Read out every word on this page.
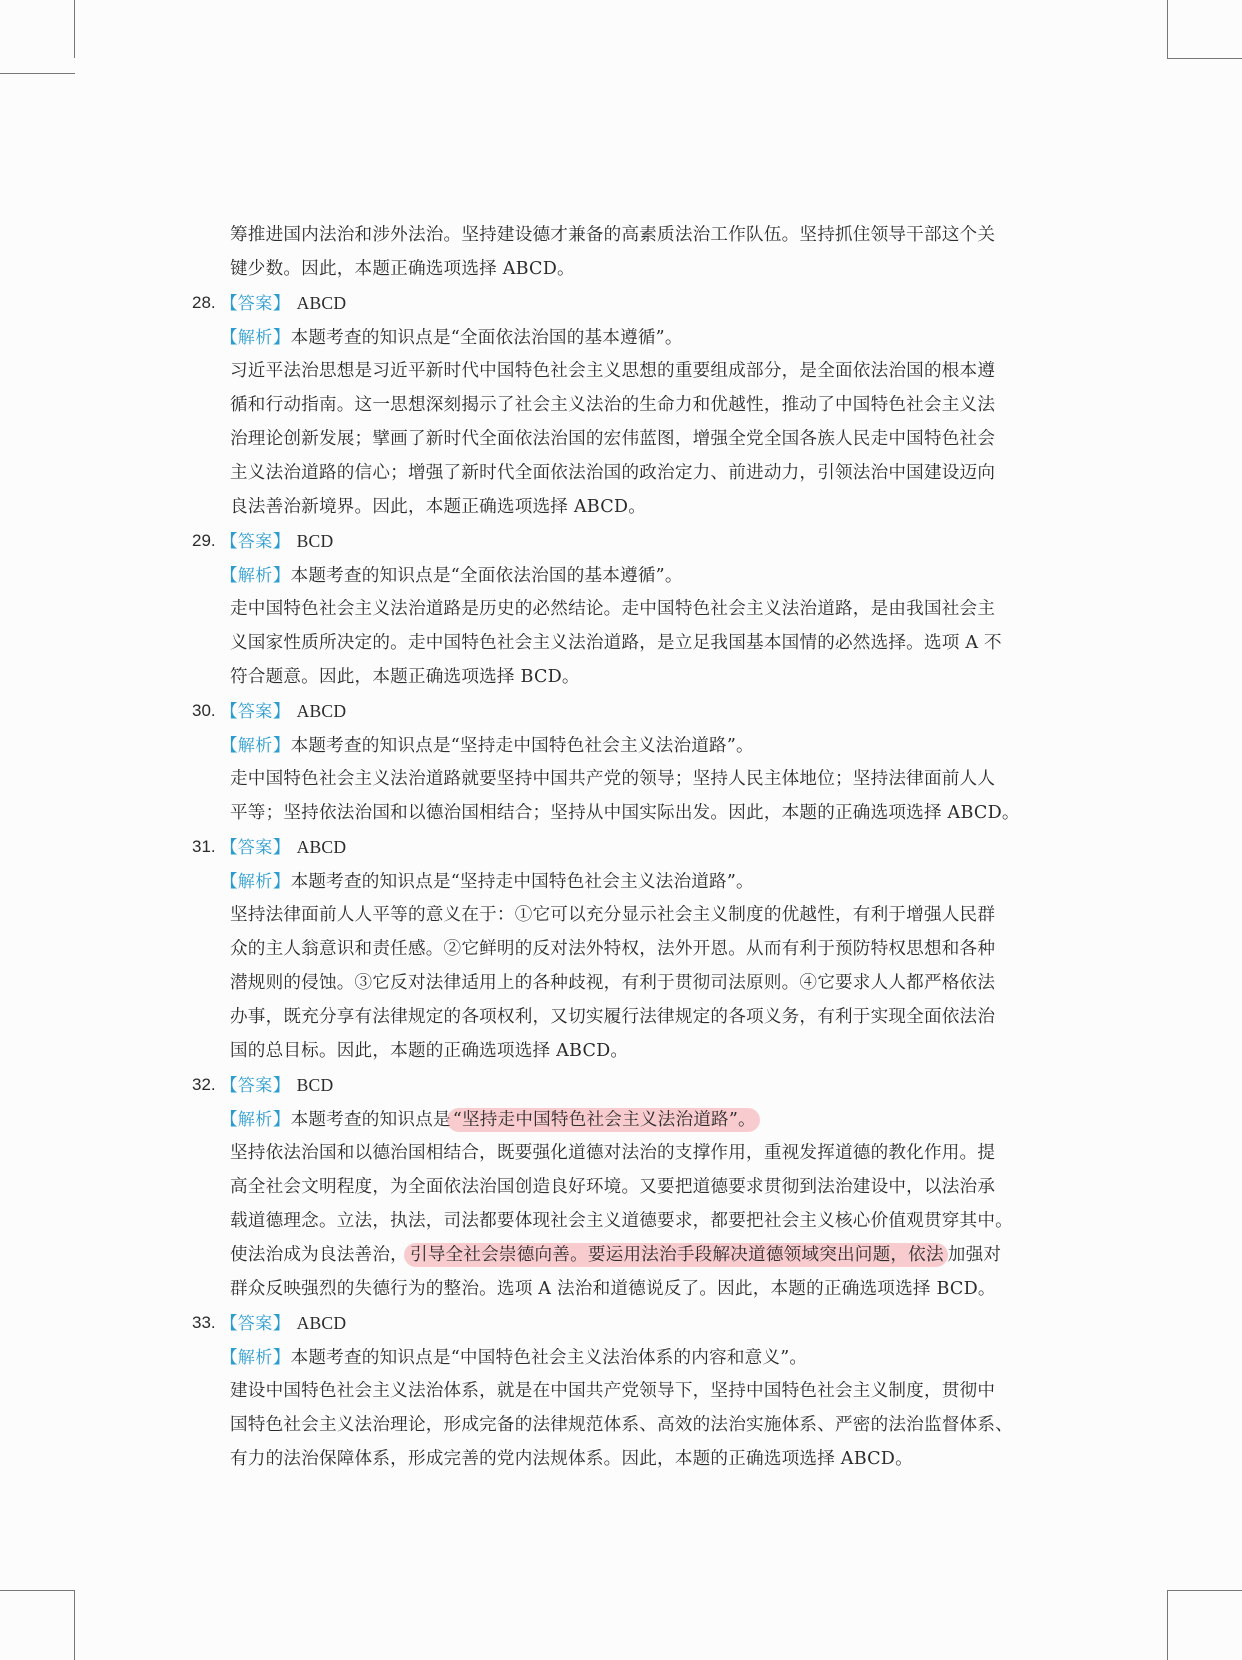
筹推进国内法治和涉外法治。坚持建设德才兼备的高素质法治工作队伍。坚持抓住领导干部这个关
键少数。因此，本题正确选项选择 ABCD。
28. 【答案】 ABCD
【解析】本题考查的知识点是“全面依法治国的基本遵循”。
习近平法治思想是习近平新时代中国特色社会主义思想的重要组成部分，是全面依法治国的根本遵
循和行动指南。这一思想深刻揭示了社会主义法治的生命力和优越性，推动了中国特色社会主义法
治理论创新发展；擘画了新时代全面依法治国的宏伟蓝图，增强全党全国各族人民走中国特色社会
主义法治道路的信心；增强了新时代全面依法治国的政治定力、前进动力，引领法治中国建设迈向
良法善治新境界。因此，本题正确选项选择 ABCD。
29. 【答案】 BCD
【解析】本题考查的知识点是“全面依法治国的基本遵循”。
走中国特色社会主义法治道路是历史的必然结论。走中国特色社会主义法治道路，是由我国社会主
义国家性质所决定的。走中国特色社会主义法治道路，是立足我国基本国情的必然选择。选项 A 不
符合题意。因此，本题正确选项选择 BCD。
30. 【答案】 ABCD
【解析】本题考查的知识点是“坚持走中国特色社会主义法治道路”。
走中国特色社会主义法治道路就要坚持中国共产党的领导；坚持人民主体地位；坚持法律面前人人
平等；坚持依法治国和以德治国相结合；坚持从中国实际出发。因此，本题的正确选项选择 ABCD。
31. 【答案】 ABCD
【解析】本题考查的知识点是“坚持走中国特色社会主义法治道路”。
坚持法律面前人人平等的意义在于：①它可以充分显示社会主义制度的优越性，有利于增强人民群
众的主人翁意识和责任感。②它鲜明的反对法外特权，法外开恩。从而有利于预防特权思想和各种
潜规则的侵蚀。③它反对法律适用上的各种歧视，有利于贯彻司法原则。④它要求人人都严格依法
办事，既充分享有法律规定的各项权利，又切实履行法律规定的各项义务，有利于实现全面依法治
国的总目标。因此，本题的正确选项选择 ABCD。
32. 【答案】 BCD
【解析】本题考查的知识点是 “坚持走中国特色社会主义法治道路”。
坚持依法治国和以德治国相结合，既要强化道德对法治的支撑作用，重视发挥道德的教化作用。提
高全社会文明程度，为全面依法治国创造良好环境。又要把道德要求贯彻到法治建设中，以法治承
载道德理念。立法，执法，司法都要体现社会主义道德要求，都要把社会主义核心价值观贯穿其中。
使法治成为良法善治， 引导全社会崇德向善。要运用法治手段解决道德领域突出问题，依法 加强对
群众反映强烈的失德行为的整治。选项 A 法治和道德说反了。因此，本题的正确选项选择 BCD。
33. 【答案】 ABCD
【解析】本题考查的知识点是“中国特色社会主义法治体系的内容和意义”。
建设中国特色社会主义法治体系，就是在中国共产党领导下，坚持中国特色社会主义制度，贯彻中
国特色社会主义法治理论，形成完备的法律规范体系、高效的法治实施体系、严密的法治监督体系、
有力的法治保障体系，形成完善的党内法规体系。因此，本题的正确选项选择 ABCD。
